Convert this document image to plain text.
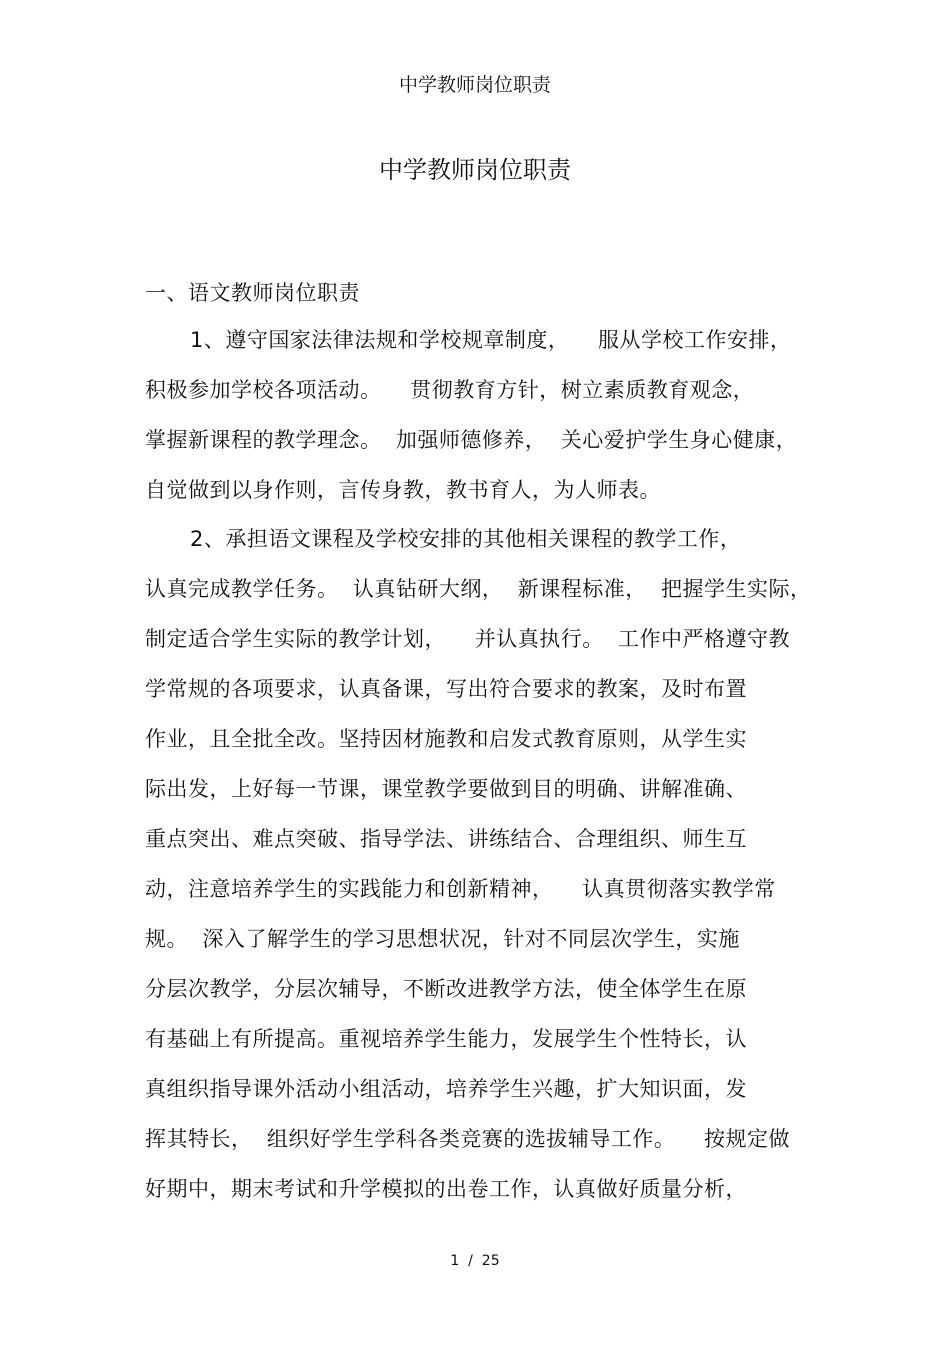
中学教师岗位职责
中学教师岗位职责
一、语文教师岗位职责
1、遵守国家法律法规和学校规章制度，    服从学校工作安排，
积极参加学校各项活动。    贯彻教育方针，树立素质教育观念，
掌握新课程的教学理念。  加强师德修养，  关心爱护学生身心健康，
自觉做到以身作则，言传身教，教书育人，为人师表。
2、承担语文课程及学校安排的其他相关课程的教学工作，
认真完成教学任务。  认真钻研大纲，  新课程标准，  把握学生实际，
制定适合学生实际的教学计划，    并认真执行。  工作中严格遵守教
学常规的各项要求，认真备课，写出符合要求的教案，及时布置
作业，且全批全改。坚持因材施教和启发式教育原则，从学生实
际出发，上好每一节课，课堂教学要做到目的明确、讲解准确、
重点突出、难点突破、指导学法、讲练结合、合理组织、师生互
动，注意培养学生的实践能力和创新精神，    认真贯彻落实教学常
规。  深入了解学生的学习思想状况，针对不同层次学生，实施
分层次教学，分层次辅导，不断改进教学方法，使全体学生在原
有基础上有所提高。重视培养学生能力，发展学生个性特长，认
真组织指导课外活动小组活动，培养学生兴趣，扩大知识面，发
挥其特长，  组织好学生学科各类竞赛的选拔辅导工作。    按规定做
好期中，期末考试和升学模拟的出卷工作，认真做好质量分析，
1  /  25
